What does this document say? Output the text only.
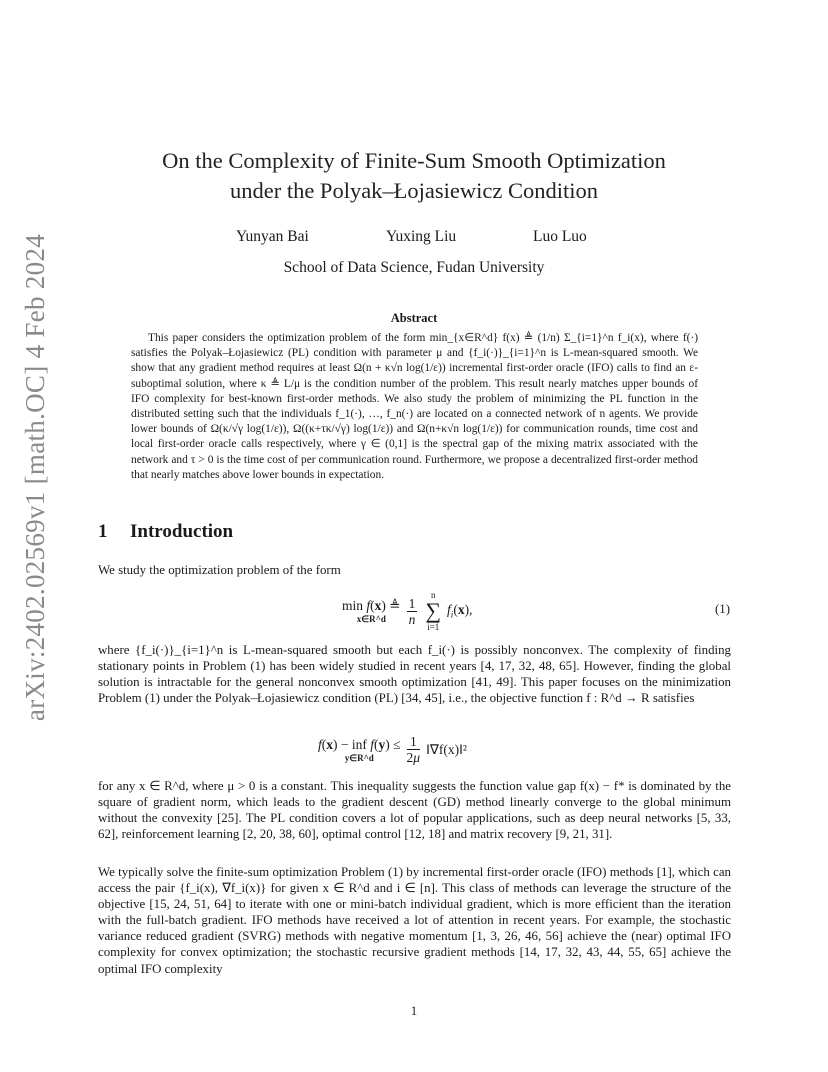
arXiv:2402.02569v1 [math.OC] 4 Feb 2024
On the Complexity of Finite-Sum Smooth Optimization
under the Polyak–Łojasiewicz Condition
Yunyan Bai	Yuxing Liu	Luo Luo
School of Data Science, Fudan University
Abstract
This paper considers the optimization problem of the form min_{x∈R^d} f(x) ≜ (1/n) Σ_{i=1}^n f_i(x), where f(·) satisfies the Polyak–Łojasiewicz (PL) condition with parameter μ and {f_i(·)}_{i=1}^n is L-mean-squared smooth. We show that any gradient method requires at least Ω(n + κ√n log(1/ε)) incremental first-order oracle (IFO) calls to find an ε-suboptimal solution, where κ ≜ L/μ is the condition number of the problem. This result nearly matches upper bounds of IFO complexity for best-known first-order methods. We also study the problem of minimizing the PL function in the distributed setting such that the individuals f_1(·), …, f_n(·) are located on a connected network of n agents. We provide lower bounds of Ω(κ/√γ log(1/ε)), Ω((κ+τκ/√γ) log(1/ε)) and Ω(n+κ√n log(1/ε)) for communication rounds, time cost and local first-order oracle calls respectively, where γ ∈ (0,1] is the spectral gap of the mixing matrix associated with the network and τ > 0 is the time cost of per communication round. Furthermore, we propose a decentralized first-order method that nearly matches above lower bounds in expectation.
1 Introduction

We study the optimization problem of the form

min f(x) ≜
x∈R^d	$\frac{1}{n}$
n
∑
i=1
$f_i(x)$,	(1)

where {f_i(·)}_{i=1}^n is L-mean-squared smooth but each f_i(·) is possibly nonconvex. The complexity of finding stationary points in Problem (1) has been widely studied in recent years [4, 17, 32, 48, 65]. However, finding the global solution is intractable for the general nonconvex smooth optimization [41, 49]. This paper focuses on the minimization Problem (1) under the Polyak–Łojasiewicz condition (PL) [34, 45], i.e., the objective function f : R^d → R satisfies

f(x) − inf f(y) ≤
y∈R^d	$\frac{1}{2\mu}$ ‖∇f(x)‖²

for any x ∈ R^d, where μ > 0 is a constant. This inequality suggests the function value gap f(x) − f* is dominated by the square of gradient norm, which leads to the gradient descent (GD) method linearly converge to the global minimum without the convexity [25]. The PL condition covers a lot of popular applications, such as deep neural networks [5, 33, 62], reinforcement learning [2, 20, 38, 60], optimal control [12, 18] and matrix recovery [9, 21, 31].

We typically solve the finite-sum optimization Problem (1) by incremental first-order oracle (IFO) methods [1], which can access the pair {f_i(x), ∇f_i(x)} for given x ∈ R^d and i ∈ [n]. This class of methods can leverage the structure of the objective [15, 24, 51, 64] to iterate with one or mini-batch individual gradient, which is more efficient than the iteration with the full-batch gradient. IFO methods have received a lot of attention in recent years. For example, the stochastic variance reduced gradient (SVRG) methods with negative momentum [1, 3, 26, 46, 56] achieve the (near) optimal IFO complexity for convex optimization; the stochastic recursive gradient methods [14, 17, 32, 43, 44, 55, 65] achieve the optimal IFO complexity

1
